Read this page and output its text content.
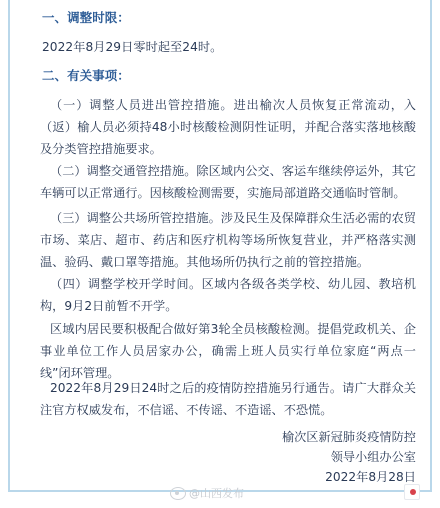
一、调整时限：
2022年8月29日零时起至24时。
二、有关事项：
（一）调整人员进出管控措施。进出榆次人员恢复正常流动，入（返）榆人员必须持48小时核酸检测阴性证明，并配合落实落地核酸及分类管控措施要求。
（二）调整交通管控措施。除区域内公交、客运车继续停运外，其它车辆可以正常通行。因核酸检测需要，实施局部道路交通临时管制。
（三）调整公共场所管控措施。涉及民生及保障群众生活必需的农贸市场、菜店、超市、药店和医疗机构等场所恢复营业，并严格落实测温、验码、戴口罩等措施。其他场所仍执行之前的管控措施。
（四）调整学校开学时间。区域内各级各类学校、幼儿园、教培机构，9月2日前暂不开学。
区域内居民要积极配合做好第3轮全员核酸检测。提倡党政机关、企事业单位工作人员居家办公，确需上班人员实行单位家庭“两点一线”闭环管理。
2022年8月29日24时之后的疫情防控措施另行通告。请广大群众关注官方权威发布，不信谣、不传谣、不造谣、不恐慌。
榆次区新冠肺炎疫情防控
领导小组办公室
2022年8月28日
@山西发布
